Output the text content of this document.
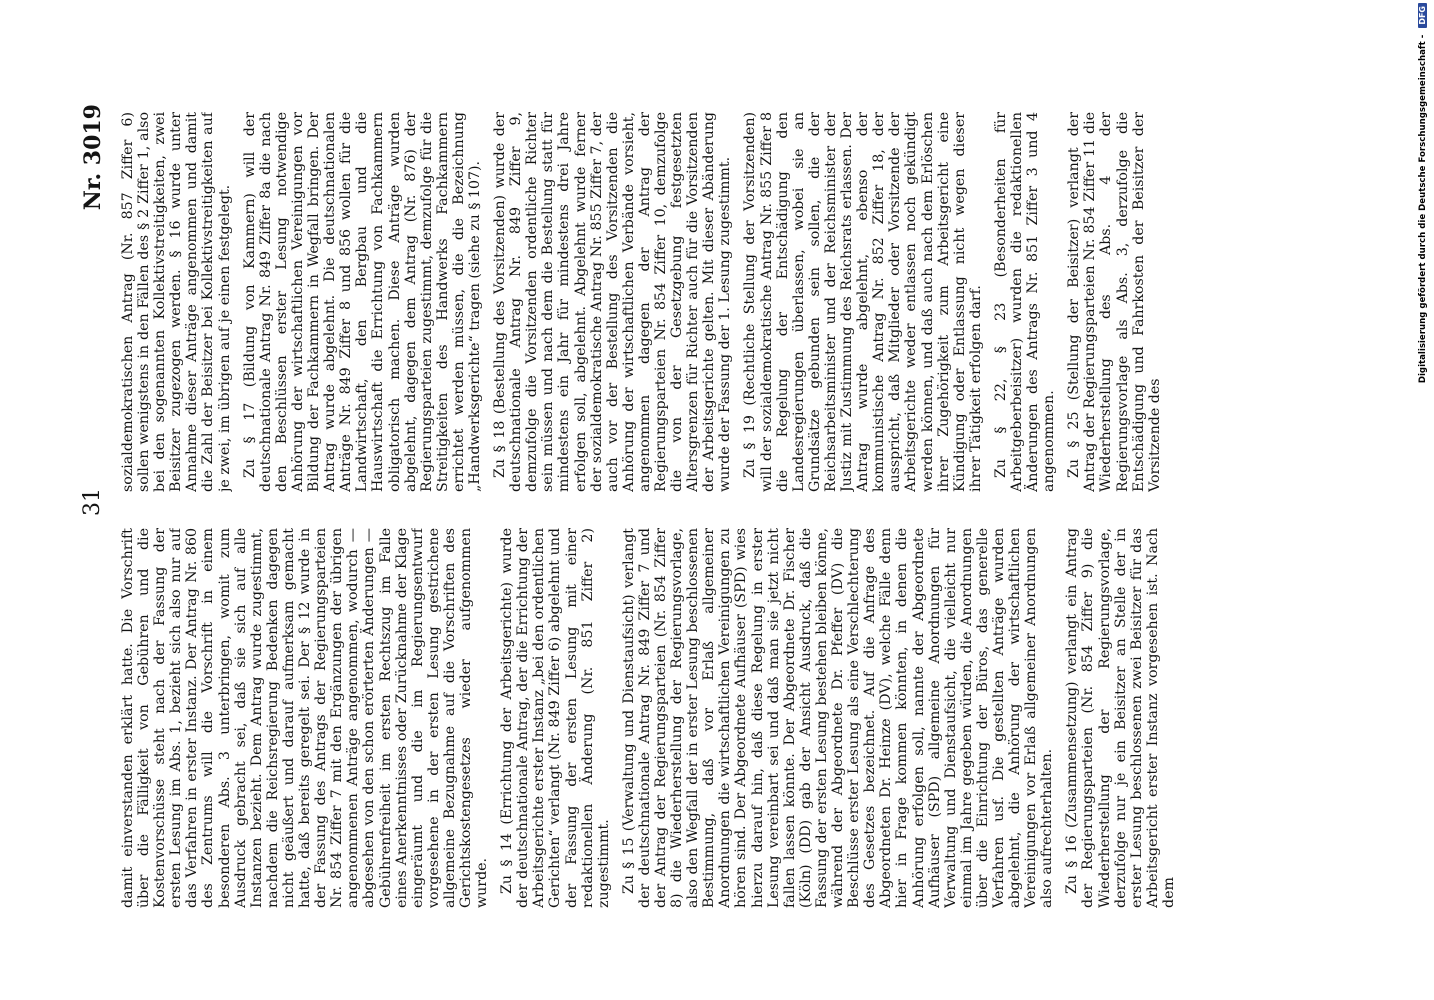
31
Nr. 3019

damit einverstanden erklärt hatte. Die Vorschrift über die Fälligkeit von Gebühren und die Kostenvorschüsse steht nach der Fassung der ersten Lesung im Abs. 1, bezieht sich also nur auf das Verfahren in erster Instanz. Der Antrag Nr. 860 des Zentrums will die Vorschrift in einem besonderen Abs. 3 unterbringen, womit zum Ausdruck gebracht sei, daß sie sich auf alle Instanzen bezieht. Dem Antrag wurde zugestimmt, nachdem die Reichsregierung Bedenken dagegen nicht geäußert und darauf aufmerksam gemacht hatte, daß bereits geregelt sei. Der § 12 wurde in der Fassung des Antrags der Regierungsparteien Nr. 854 Ziffer 7 mit den Ergänzungen der übrigen angenommenen Anträge angenommen, wodurch — abgesehen von den schon erörterten Änderungen — Gebührenfreiheit im ersten Rechtszug im Falle eines Anerkenntnisses oder Zurücknahme der Klage eingeräumt und die im Regierungsentwurf vorgesehene in der ersten Lesung gestrichene allgemeine Bezugnahme auf die Vorschriften des Gerichtskostengesetzes wieder aufgenommen wurde. Zu § 14 (Errichtung der Arbeitsgerichte) wurde der deutschnationale Antrag, der die Errichtung der Arbeitsgerichte erster Instanz „bei den ordentlichen Gerichten“ verlangt (Nr. 849 Ziffer 6) abgelehnt und der Fassung der ersten Lesung mit einer redaktionellen Änderung (Nr. 851 Ziffer 2) zugestimmt. Zu § 15 (Verwaltung und Dienstaufsicht) verlangt der deutschnationale Antrag Nr. 849 Ziffer 7 und der Antrag der Regierungsparteien (Nr. 854 Ziffer 8) die Wiederherstellung der Regierungsvorlage, also den Wegfall der in erster Lesung beschlossenen Bestimmung, daß vor Erlaß allgemeiner Anordnungen die wirtschaftlichen Vereinigungen zu hören sind. Der Abgeordnete Aufhäuser (SPD) wies hierzu darauf hin, daß diese Regelung in erster Lesung vereinbart sei und daß man sie jetzt nicht fallen lassen könnte. Der Abgeordnete Dr. Fischer (Köln) (DD) gab der Ansicht Ausdruck, daß die Fassung der ersten Lesung bestehen bleiben könne, während der Abgeordnete Dr. Pfeffer (DV) die Beschlüsse erster Lesung als eine Verschlechterung des Gesetzes bezeichnet. Auf die Anfrage des Abgeordneten Dr. Heinze (DV), welche Fälle denn hier in Frage kommen könnten, in denen die Anhörung erfolgen soll, nannte der Abgeordnete Aufhäuser (SPD) allgemeine Anordnungen für Verwaltung und Dienstaufsicht, die vielleicht nur einmal im Jahre gegeben würden, die Anordnungen über die Einrichtung der Büros, das generelle Verfahren usf. Die gestellten Anträge wurden abgelehnt, die Anhörung der wirtschaftlichen Vereinigungen vor Erlaß allgemeiner Anordnungen also aufrechterhalten. Zu § 16 (Zusammensetzung) verlangt ein Antrag der Regierungsparteien (Nr. 854 Ziffer 9) die Wiederherstellung der Regierungsvorlage, derzufolge nur je ein Beisitzer an Stelle der in erster Lesung beschlossenen zwei Beisitzer für das Arbeitsgericht erster Instanz vorgesehen ist. Nach dem

sozialdemokratischen Antrag (Nr. 857 Ziffer 6) sollen wenigstens in den Fällen des § 2 Ziffer 1, also bei den sogenannten Kollektivstreitigkeiten, zwei Beisitzer zugezogen werden. § 16 wurde unter Annahme dieser Anträge angenommen und damit die Zahl der Beisitzer bei Kollektivstreitigkeiten auf je zwei, im übrigen auf je einen festgelegt. Zu § 17 (Bildung von Kammern) will der deutschnationale Antrag Nr. 849 Ziffer 8a die nach den Beschlüssen erster Lesung notwendige Anhörung der wirtschaftlichen Vereinigungen vor Bildung der Fachkammern in Wegfall bringen. Der Antrag wurde abgelehnt. Die deutschnationalen Anträge Nr. 849 Ziffer 8 und 856 wollen für die Landwirtschaft, den Bergbau und die Hauswirtschaft die Errichtung von Fachkammern obligatorisch machen. Diese Anträge wurden abgelehnt, dagegen dem Antrag (Nr. 876) der Regierungsparteien zugestimmt, demzufolge für die Streitigkeiten des Handwerks Fachkammern errichtet werden müssen, die die Bezeichnung „Handwerksgerichte“ tragen (siehe zu § 107). Zu § 18 (Bestellung des Vorsitzenden) wurde der deutschnationale Antrag Nr. 849 Ziffer 9, demzufolge die Vorsitzenden ordentliche Richter sein müssen und nach dem die Bestellung statt für mindestens ein Jahr für mindestens drei Jahre erfolgen soll, abgelehnt. Abgelehnt wurde ferner der sozialdemokratische Antrag Nr. 855 Ziffer 7, der auch vor der Bestellung des Vorsitzenden die Anhörung der wirtschaftlichen Verbände vorsieht, angenommen dagegen der Antrag der Regierungsparteien Nr. 854 Ziffer 10, demzufolge die von der Gesetzgebung festgesetzten Altersgrenzen für Richter auch für die Vorsitzenden der Arbeitsgerichte gelten. Mit dieser Abänderung wurde der Fassung der 1. Lesung zugestimmt. Zu § 19 (Rechtliche Stellung der Vorsitzenden) will der sozialdemokratische Antrag Nr. 855 Ziffer 8 die Regelung der Entschädigung den Landesregierungen überlassen, wobei sie an Grundsätze gebunden sein sollen, die der Reichsarbeitsminister und der Reichsminister der Justiz mit Zustimmung des Reichsrats erlassen. Der Antrag wurde abgelehnt, ebenso der kommunistische Antrag Nr. 852 Ziffer 18, der ausspricht, daß Mitglieder oder Vorsitzende der Arbeitsgerichte weder entlassen noch gekündigt werden können, und daß auch nach dem Erlöschen ihrer Zugehörigkeit zum Arbeitsgericht eine Kündigung oder Entlassung nicht wegen dieser ihrer Tätigkeit erfolgen darf. Zu § 22, § 23 (Besonderheiten für Arbeitgeberbeisitzer) wurden die redaktionellen Änderungen des Antrags Nr. 851 Ziffer 3 und 4 angenommen. Zu § 25 (Stellung der Beisitzer) verlangt der Antrag der Regierungsparteien Nr. 854 Ziffer 11 die Wiederherstellung des Abs. 4 der Regierungsvorlage als Abs. 3, derzufolge die Entschädigung und Fahrkosten der Beisitzer der Vorsitzende des

Digitalisierung gefördert durch die Deutsche Forschungsgemeinschaft - DFG
